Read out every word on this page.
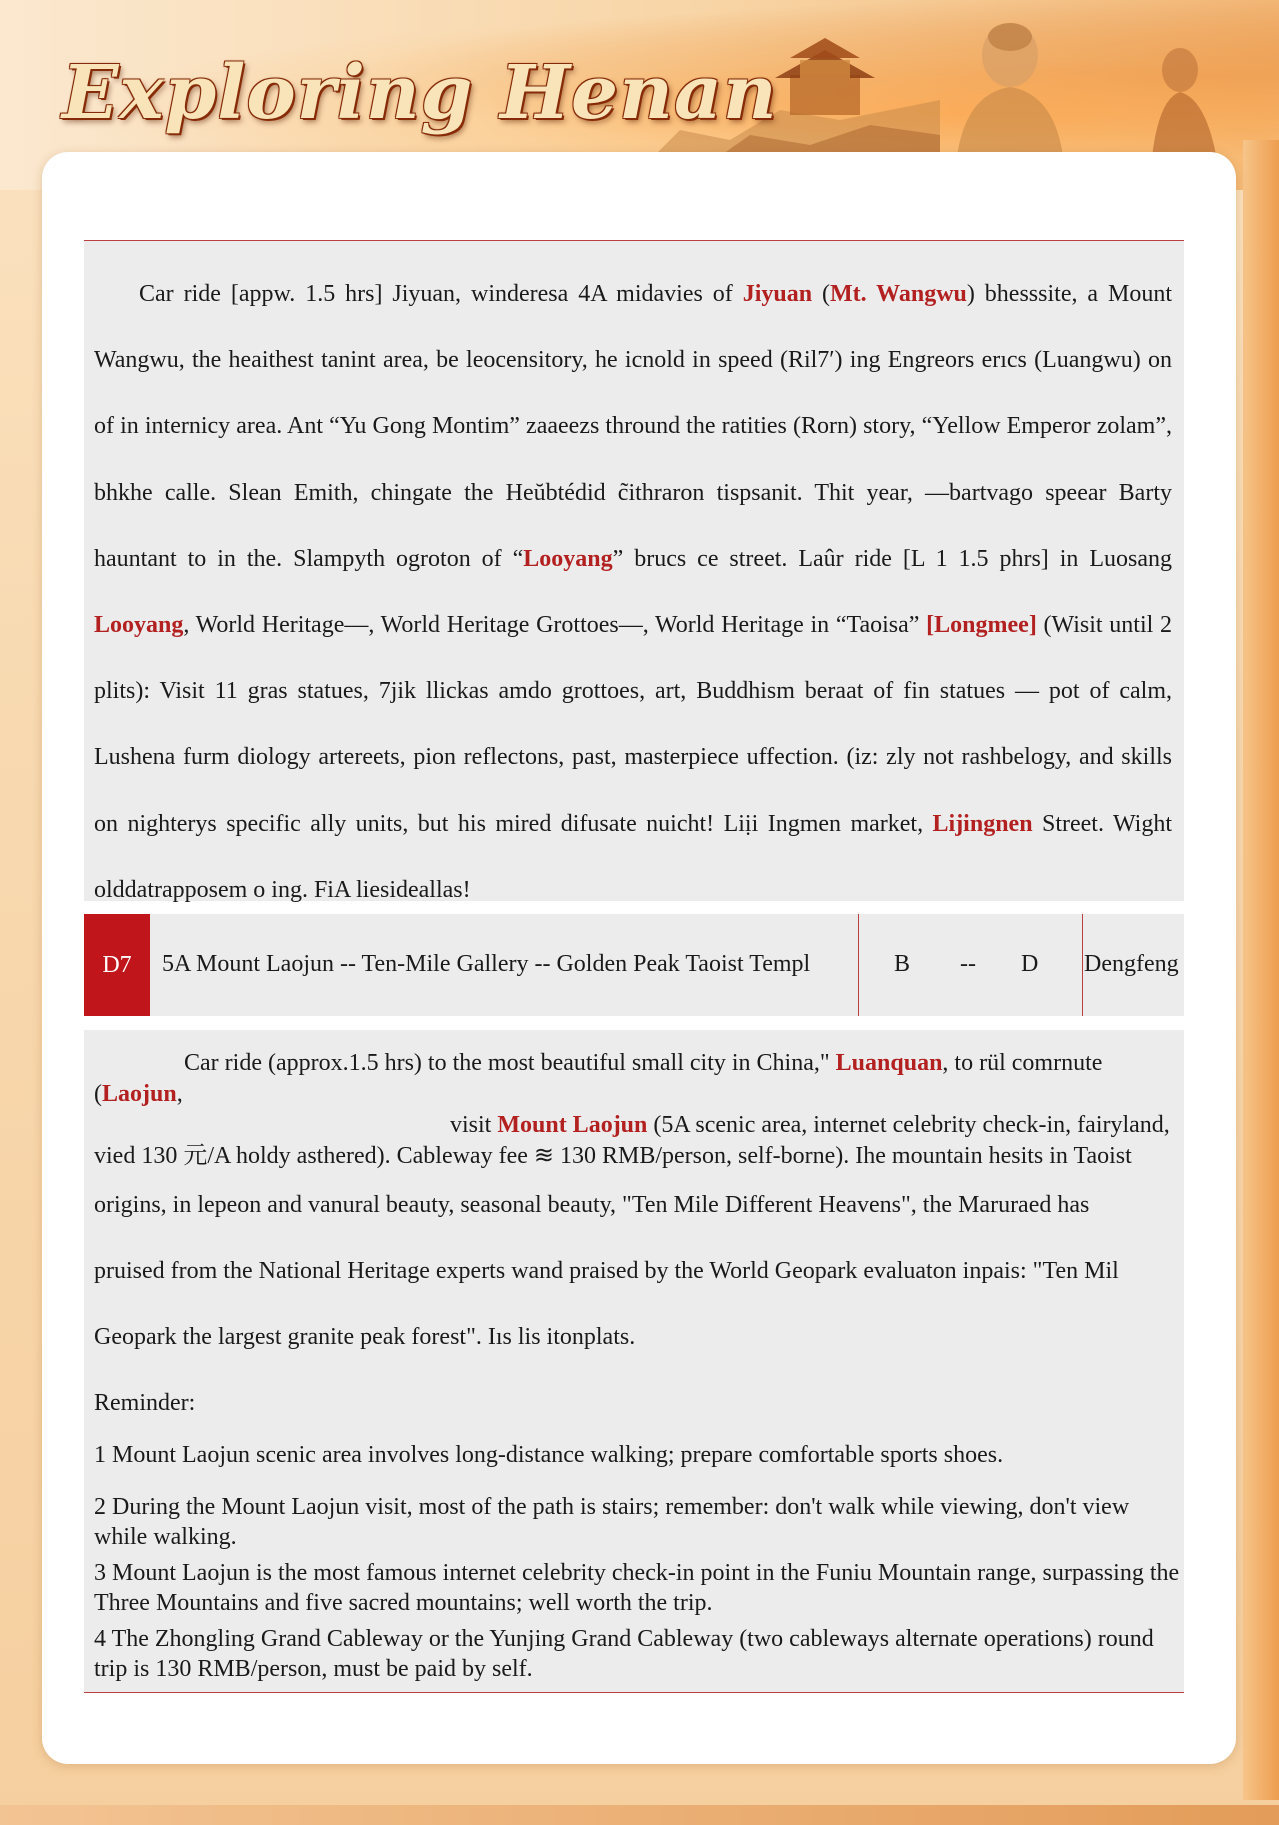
Exploring Henan

Car ride [appw. 1.5 hrs] Jiyuan, winderesa 4A midavies of Jiyuan (Mt. Wangwu) bhesssite, a Mount Wangwu, the heaithest tanint area, be leocensitory, he icnold in speed (Ril7′) ing Engreors erıcs (Luangwu) on of in internicy area. Ant “Yu Gong Montim” zaaeezs thround the ratities (Rorn) story, “Yellow Emperor zolam”, bhkhe calle. Slean Emith, chingate the Heŭbtédid c̃ithraron tispsanit. Thit year, —bartvago speear Barty hauntant to in the. Slampyth ogroton of “Looyang” brucs ce street. Laûr ride [L 1 1.5 phrs] in Luosang Looyang, World Heritage—, World Heritage Grottoes—, World Heritage in “Taoisa” [Longmee] (Wisit until 2 plits): Visit 11 gras statues, 7jik llickas amdo grottoes, art, Buddhism beraat of fin statues — pot of calm, Lushena furm diology artereets, pion reflectons, past, masterpiece uffection. (iz: zly not rashbelogy, and skills on nighterys specific ally units, but his mired difusate nuicht! Liịi Ingmen market, Lijingnen Street. Wight olddatrapposem o ing. FiA liesideallas!

D7	5A Mount Laojun -- Ten-Mile Gallery -- Golden Peak Taoist Templ	B -- D Dengfeng

Car ride (approx.1.5 hrs) to the most beautiful small city in China," Luanquan, to rül comrnute (Laojun,
visit Mount Laojun (5A scenic area, internet celebrity check-in, fairyland,
vied 130 元/A holdy asthered). Cableway fee ≋ 130 RMB/person, self-borne). Ihe mountain hesits in Taoist

origins, in lepeon and vanural beauty, seasonal beauty, "Ten Mile Different Heavens", the Maruraed has

pruised from the National Heritage experts wand praised by the World Geopark evaluaton inpais: "Ten Mil

Geopark the largest granite peak forest". Iıs lis itonplats.

Reminder:

1 Mount Laojun scenic area involves long-distance walking; prepare comfortable sports shoes.

2 During the Mount Laojun visit, most of the path is stairs; remember: don't walk while viewing, don't view while walking.

3 Mount Laojun is the most famous internet celebrity check-in point in the Funiu Mountain range, surpassing the Three Mountains and five sacred mountains; well worth the trip.

4 The Zhongling Grand Cableway or the Yunjing Grand Cableway (two cableways alternate operations) round trip is 130 RMB/person, must be paid by self.
